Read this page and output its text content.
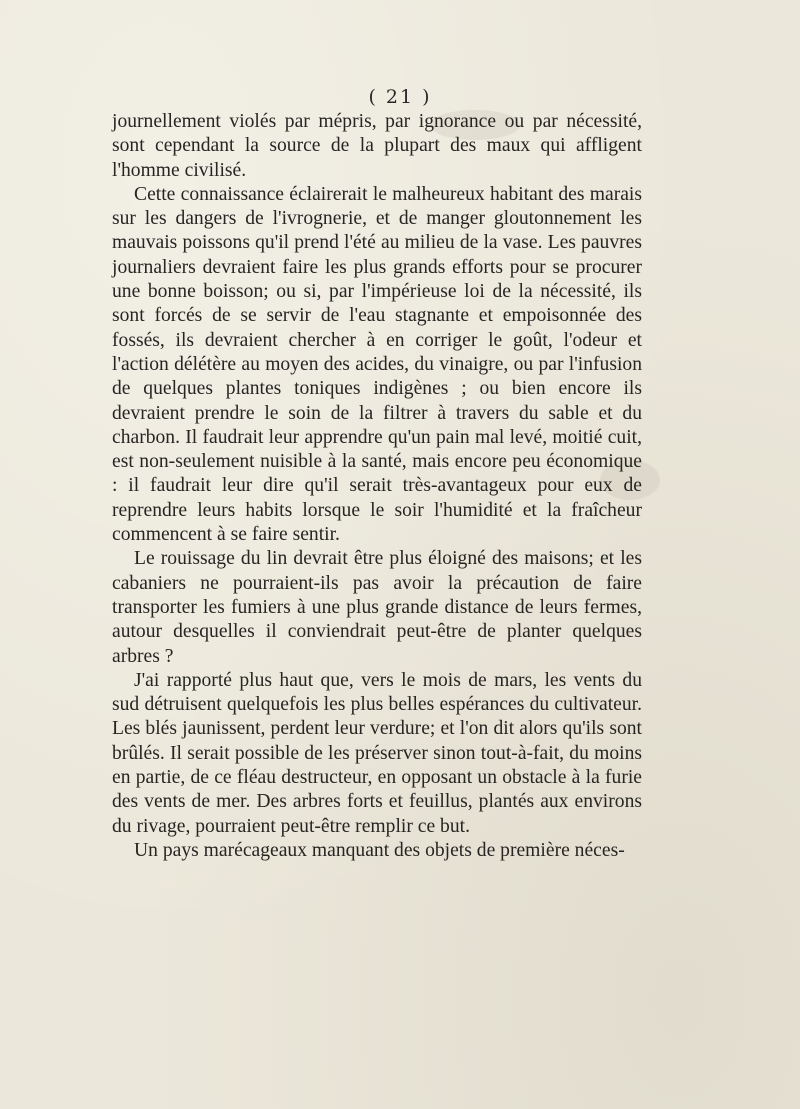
( 21 )

journellement violés par mépris, par ignorance ou par nécessité, sont cependant la source de la plupart des maux qui affligent l'homme civilisé.

Cette connaissance éclairerait le malheureux habitant des marais sur les dangers de l'ivrognerie, et de manger gloutonnement les mauvais poissons qu'il prend l'été au milieu de la vase. Les pauvres journaliers devraient faire les plus grands efforts pour se procurer une bonne boisson; ou si, par l'impérieuse loi de la nécessité, ils sont forcés de se servir de l'eau stagnante et empoisonnée des fossés, ils devraient chercher à en corriger le goût, l'odeur et l'action délétère au moyen des acides, du vinaigre, ou par l'infusion de quelques plantes toniques indigènes ; ou bien encore ils devraient prendre le soin de la filtrer à travers du sable et du charbon. Il faudrait leur apprendre qu'un pain mal levé, moitié cuit, est non-seulement nuisible à la santé, mais encore peu économique : il faudrait leur dire qu'il serait très-avantageux pour eux de reprendre leurs habits lorsque le soir l'humidité et la fraîcheur commencent à se faire sentir.

Le rouissage du lin devrait être plus éloigné des maisons; et les cabaniers ne pourraient-ils pas avoir la précaution de faire transporter les fumiers à une plus grande distance de leurs fermes, autour desquelles il conviendrait peut-être de planter quelques arbres ?

J'ai rapporté plus haut que, vers le mois de mars, les vents du sud détruisent quelquefois les plus belles espérances du cultivateur. Les blés jaunissent, perdent leur verdure; et l'on dit alors qu'ils sont brûlés. Il serait possible de les préserver sinon tout-à-fait, du moins en partie, de ce fléau destructeur, en opposant un obstacle à la furie des vents de mer. Des arbres forts et feuillus, plantés aux environs du rivage, pourraient peut-être remplir ce but.

Un pays marécageaux manquant des objets de première néces-
